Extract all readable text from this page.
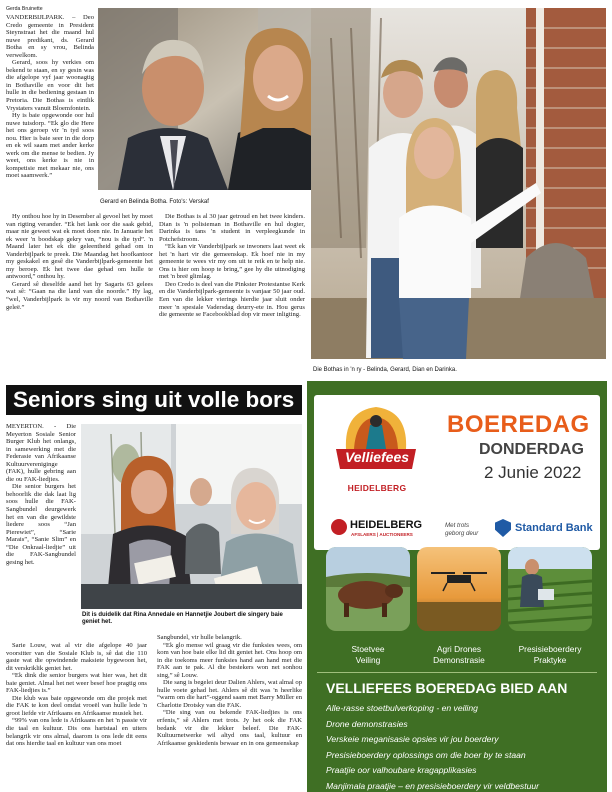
Gerda Bruinette

VANDERBIJLPARK. – Deo Credo gemeente in President Steynstraat het die maand hul nuwe predikant, ds. Gerard Botha en sy vrou, Belinda verwelkom.

Gerard, soos hy verkies om bekend te staan, en sy gesin was die afgelope vyf jaar woonagtig in Bothaville en voor dit het hulle in die bediening gestaan in Pretoria. Die Bothas is eintlik Vrystaters vanuit Bloemfontein.

Hy is baie opgewonde oor hul nuwe tuisdorp. “Ek glo die Here het ons geroep vir 'n tyd soos nou. Hier is baie seer in die dorp en ek wil saam met ander kerke werk om die mense te bedien. Jy weet, ons kerke is nie in kompetisie met mekaar nie, ons moet saamwerk.”

Gerard en Belinda Botha. Foto's: Verskaf

Hy onthou hoe hy in Desember al gevoel het hy moet van rigting verander. “Ek het lank oor die saak gebid, maar nie geweet wat ek moet doen nie. In Januarie het ek weer 'n boodskap gekry van, “nou is die tyd”. 'n Maand later het ek die geleentheid gehad om in Vanderbijlpark te preek. Die Maandag het hoofkantoor my geskakel en gesê die Vanderbijlpark-gemeente het my beroep. Ek het twee dae gehad om hulle te antwoord,” onthou hy.

Gerard sê dieselfde aand het hy Sagaris 63 gelees wat sê: “Gaan na die land van die noorde.” Hy lag, “wel, Vanderbijlpark is vir my noord van Bothaville geleë.”

Die Bothas is al 30 jaar getroud en het twee kinders. Dian is 'n polisieman in Bothaville en hul dogter, Darinka is tans 'n student in verpleegkunde in Potchefstroom.

“Ek kan vir Vanderbijlpark se inwoners laat weet ek het 'n hart vir die gemeenskap. Ek hoef nie in my gemeente te wees vir my om uit te reik en te help nie. Ons is hier om hoop te bring,” gee hy die uitnodiging met 'n breë glimlag.

Deo Credo is deel van die Pinkster Protestantse Kerk en die Vanderbijlpark-gemeente is vanjaar 50 jaar oud. Een van die lekker vierings hierdie jaar sluit onder meer 'n spesiale Vadersdag deurry-ete in. Hou gerus die gemeente se Facebookblad dop vir meer inligting.

Die Bothas in 'n ry - Belinda, Gerard, Dian en Darinka.
Seniors sing uit volle bors

MEYERTON. - Die Meyerton Sosiale Senior Burger Klub het onlangs, in samewerking met die Federasie van Afrikaanse Kultuurvereniginge (FAK), hulle gebring aan die ou FAK-liedjies.

Die senior burgers het behoorlik die dak laat lig soos hulle die FAK-Sangbundel deurgewerk het en van die gewildste liedere soos “Jan Pierewiet”, “Sarie Marais”, “Sanie Slim” en “Die Onkraal-liedjie” uit die FAK-Sangbundel gesing het.

Dit is duidelik dat Rina Annedale en Hannetjie Joubert die singery baie geniet het.

Sarie Louw, wat al vir die afgelope 40 jaar voorsitter van die Sosiale Klub is, sê dat die 110 gaste wat die opwindende maksiete bygewoon het, dit verskriklik geniet het.

“Ek dink die senior burgers wat hier was, het dit baie geniet. Almal het net weer besef hoe pragtig ons FAK-liedjies is.”

Die klub was baie opgewonde om die projek met die FAK te kon deel omdat vroeël van hulle lede 'n groot liefde vir Afrikaans en Afrikaanse musiek het.

“99% van ons lede is Afrikaans en het 'n passie vir die taal en kultuur. Dis ons hartstaal en uiters belangrik vir ons almal, daarom is ons lede dit eens dat ons hierdie taal en kultuur van ons moet

Sangbundel, vir hulle belangrik.

“Ek glo mense wil graag vir die funksies wees, om kom van hoe baie elke lid dit geniet het. Ons hoop om in die toekoms meer funksies hand aan hand met die FAK aan te pak. Al die bestekers won net sonhou sing,” sê Louw.

Die sang is begelei deur Dalien Ahlers, wat almal op hulle voete gehad het. Ahlers sê dit was 'n heerlike “warm om die hart”-oggend saam met Barry Müller en Charlotte Drotsky van die FAK.

“Die sing van ou bekende FAK-liedjies is ons erfenis,” sê Ahlers met trots. Jy het ook die FAK bedank vir die lekker beleef. Die FAK-Kultuurnetwerke wil altyd ons taal, kultuur en Afrikaanse geskiedenis bewaar en in ons gemeenskap

Velliefees
HEIDELBERG
BOEREDAG
DONDERDAG
2 Junie 2022
HEIDELBERG
AFSLAERS | AUCTIONEERS
Met trots geborg deur	Standard Bank
Stoetvee
Veiling
Agri Drones
Demonstrasie
Presisieboerdery
Praktyke
VELLIEFEES BOEREDAG BIED AAN
Alle-rasse stoetbulverkoping - en veiling
Drone demonstrasies
Verskeie meganisasie opsies vir jou boerdery
Presisieboerdery oplossings om die boer by te staan
Praatjie oor valhoubare kragapplikasies
Manjimala praatjie – en presisieboerdery vir veldbestuur
